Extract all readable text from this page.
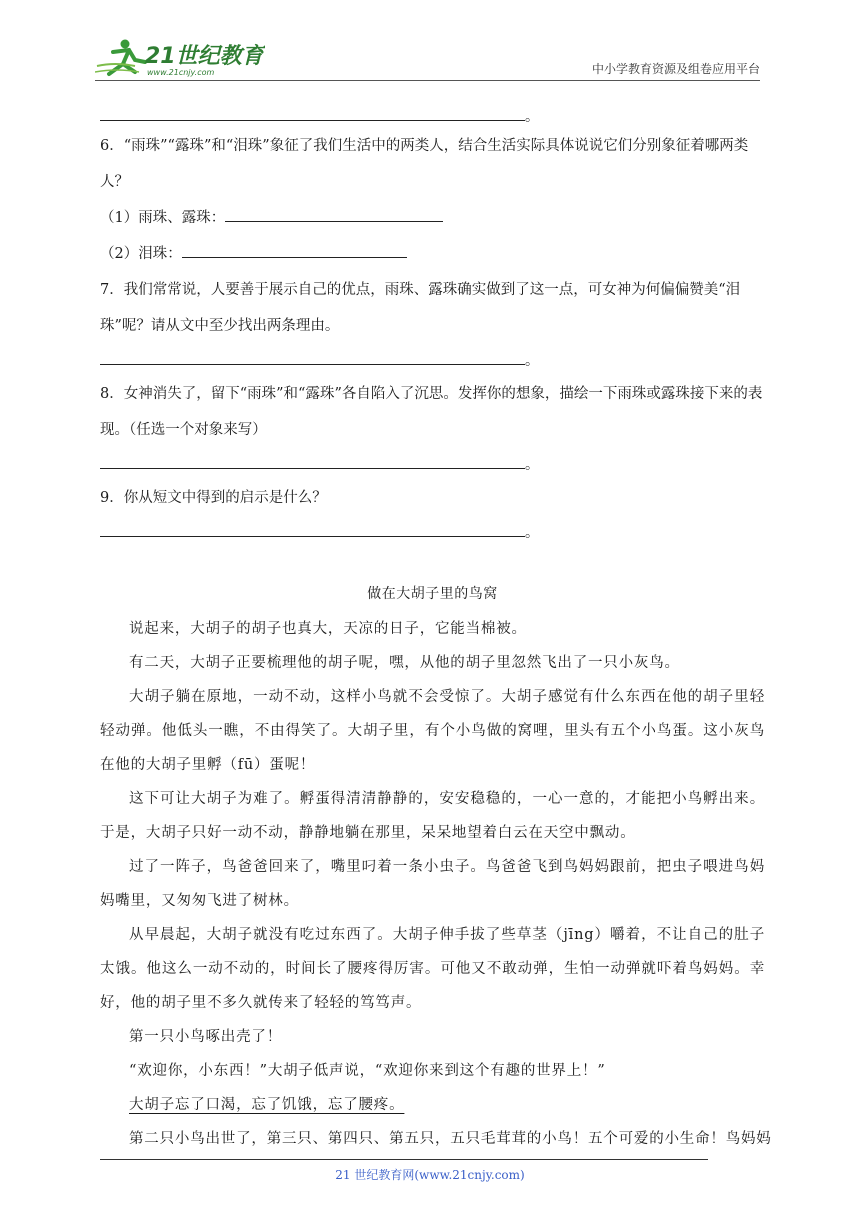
21世纪教育
www.21cnjy.com	中小学教育资源及组卷应用平台
。
6．“雨珠”“露珠”和“泪珠”象征了我们生活中的两类人，结合生活实际具体说说它们分别象征着哪两类人？
（1）雨珠、露珠：
（2）泪珠：
7．我们常常说，人要善于展示自己的优点，雨珠、露珠确实做到了这一点，可女神为何偏偏赞美“泪珠”呢？请从文中至少找出两条理由。
。
8．女神消失了，留下“雨珠”和“露珠”各自陷入了沉思。发挥你的想象，描绘一下雨珠或露珠接下来的表现。（任选一个对象来写）
。
9．你从短文中得到的启示是什么？
。
做在大胡子里的鸟窝
说起来，大胡子的胡子也真大，天凉的日子，它能当棉被。
有二天，大胡子正要梳理他的胡子呢，嘿，从他的胡子里忽然飞出了一只小灰鸟。
大胡子躺在原地，一动不动，这样小鸟就不会受惊了。大胡子感觉有什么东西在他的胡子里轻轻动弹。他低头一瞧，不由得笑了。大胡子里，有个小鸟做的窝哩，里头有五个小鸟蛋。这小灰鸟在他的大胡子里孵（fū）蛋呢！
这下可让大胡子为难了。孵蛋得清清静静的，安安稳稳的，一心一意的，才能把小鸟孵出来。于是，大胡子只好一动不动，静静地躺在那里，呆呆地望着白云在天空中飘动。
过了一阵子，鸟爸爸回来了，嘴里叼着一条小虫子。鸟爸爸飞到鸟妈妈跟前，把虫子喂进鸟妈妈嘴里，又匆匆飞进了树林。
从早晨起，大胡子就没有吃过东西了。大胡子伸手拔了些草茎（jīng）嚼着，不让自己的肚子太饿。他这么一动不动的，时间长了腰疼得厉害。可他又不敢动弹，生怕一动弹就吓着鸟妈妈。幸好，他的胡子里不多久就传来了轻轻的笃笃声。
第一只小鸟啄出壳了！
“欢迎你，小东西！”大胡子低声说，“欢迎你来到这个有趣的世界上！”
大胡子忘了口渴，忘了饥饿，忘了腰疼。
第二只小鸟出世了，第三只、第四只、第五只，五只毛茸茸的小鸟！五个可爱的小生命！鸟妈妈
21 世纪教育网(www.21cnjy.com)
